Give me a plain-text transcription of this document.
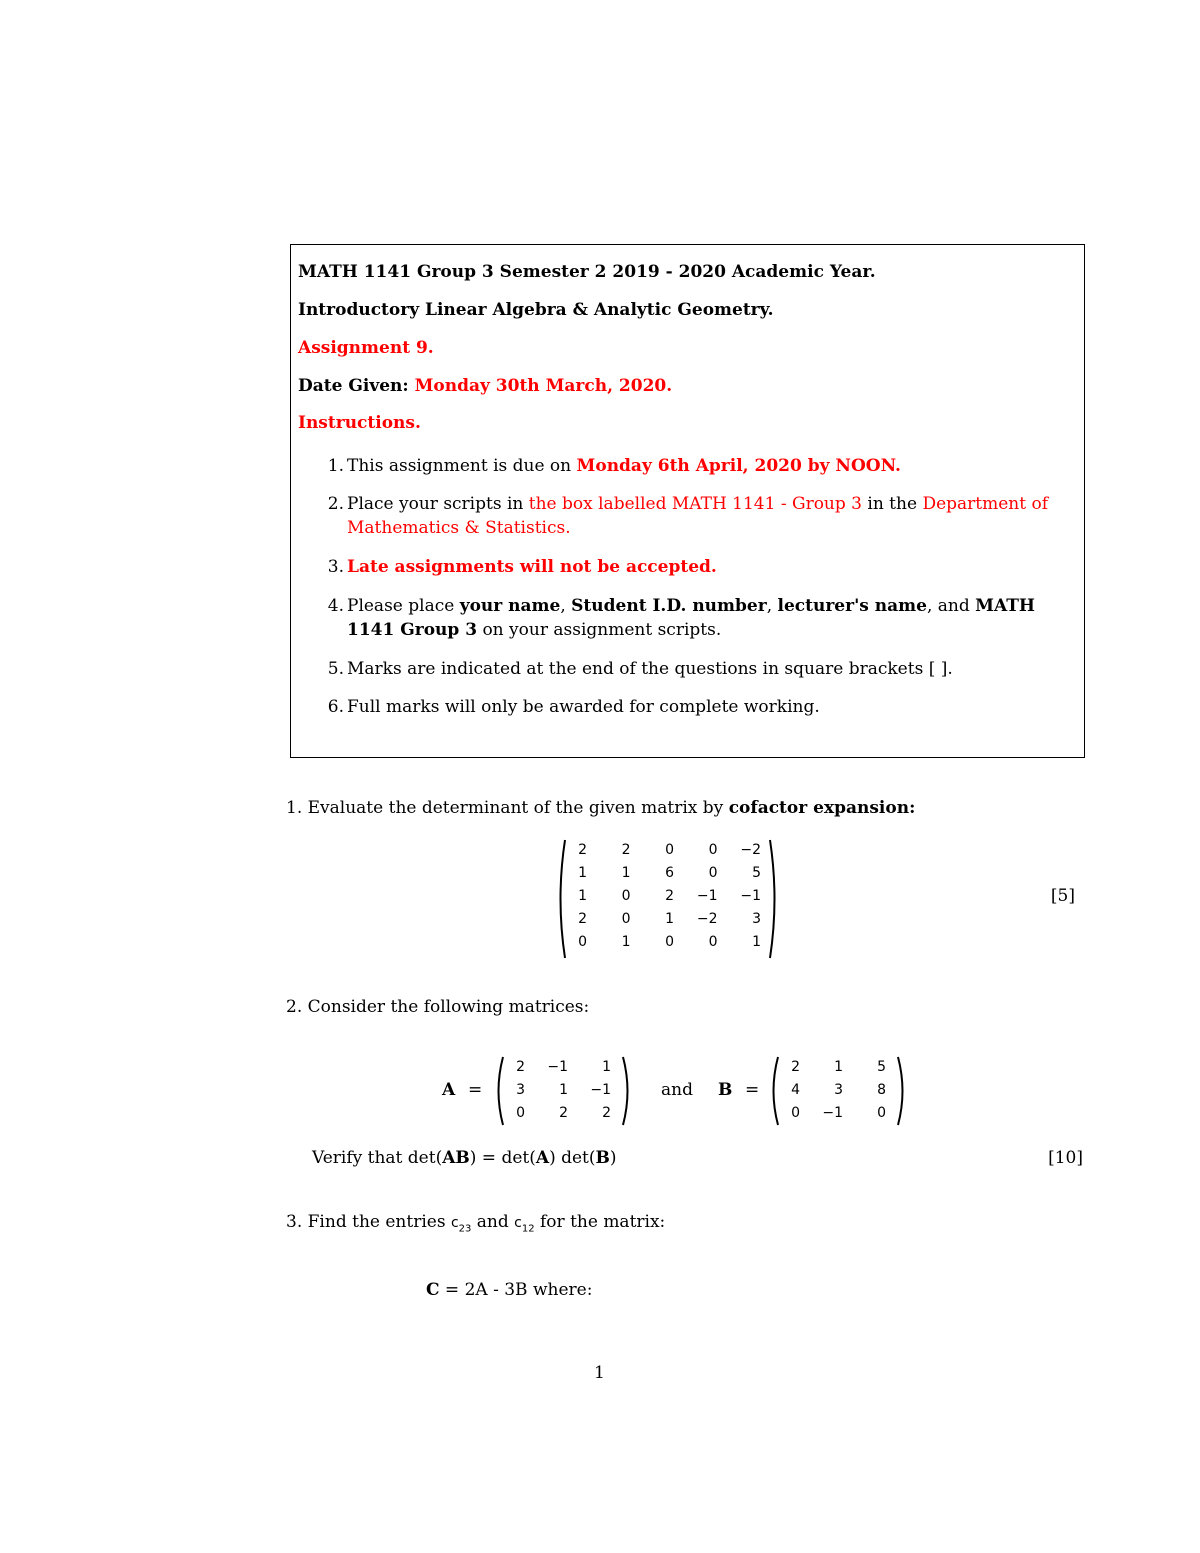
MATH 1141 Group 3 Semester 2 2019 - 2020 Academic Year.
Introductory Linear Algebra & Analytic Geometry.
Assignment 9.
Date Given: Monday 30th March, 2020.
Instructions.
1. This assignment is due on Monday 6th April, 2020 by NOON.
2. Place your scripts in the box labelled MATH 1141 - Group 3 in the Department of
Mathematics & Statistics.
3. Late assignments will not be accepted.
4. Please place your name, Student I.D. number, lecturer's name, and MATH
1141 Group 3 on your assignment scripts.
5. Marks are indicated at the end of the questions in square brackets [ ].
6. Full marks will only be awarded for complete working.
1. Evaluate the determinant of the given matrix by cofactor expansion:
2	2	0	0	−2
1	1	6	0	5
1	0	2	−1	−1
2	0	1	−2	3
0	1	0	0	1
[5]
2. Consider the following matrices:
A =
2	−1	1
3	1	−1
0	2	2
and B =
2	1	5
4	3	8
0	−1	0
Verify that det(AB) = det(A) det(B)	[10]
3. Find the entries $c_{23}$ and $c_{12}$ for the matrix:
C = 2A - 3B where:
1
